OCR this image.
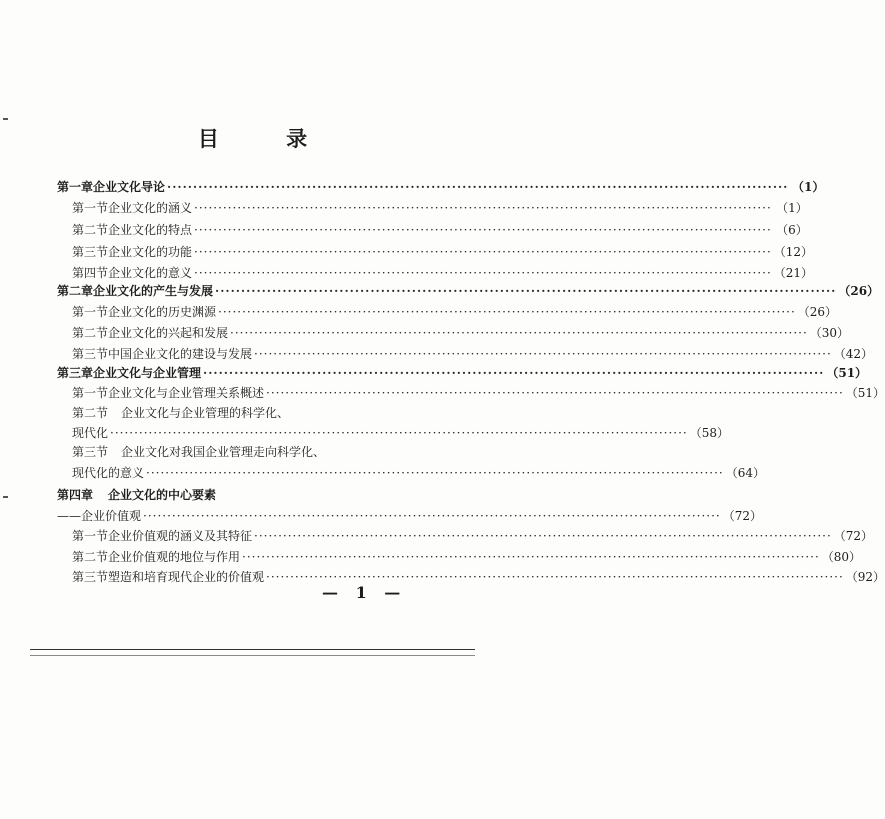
目 录
第一章 企业文化导论 ························································································································ （1）
第一节 企业文化的涵义 ························································································································ （1）
第二节 企业文化的特点 ························································································································ （6）
第三节 企业文化的功能 ························································································································ （12）
第四节 企业文化的意义 ························································································································ （21）
第二章 企业文化的产生与发展 ························································································································ （26）
第一节 企业文化的历史渊源 ························································································································ （26）
第二节 企业文化的兴起和发展 ························································································································ （30）
第三节 中国企业文化的建设与发展 ························································································································ （42）
第三章 企业文化与企业管理 ························································································································ （51）
第一节 企业文化与企业管理关系概述 ························································································································ （51）
第二节	企业文化与企业管理的科学化、
现代化 ························································································································ （58）
第三节	企业文化对我国企业管理走向科学化、
现代化的意义 ························································································································ （64）
第四章	企业文化的中心要素
——企业价值观 ························································································································ （72）
第一节 企业价值观的涵义及其特征 ························································································································ （72）
第二节 企业价值观的地位与作用 ························································································································ （80）
第三节 塑造和培育现代企业的价值观 ························································································································ （92）
— 1 —
